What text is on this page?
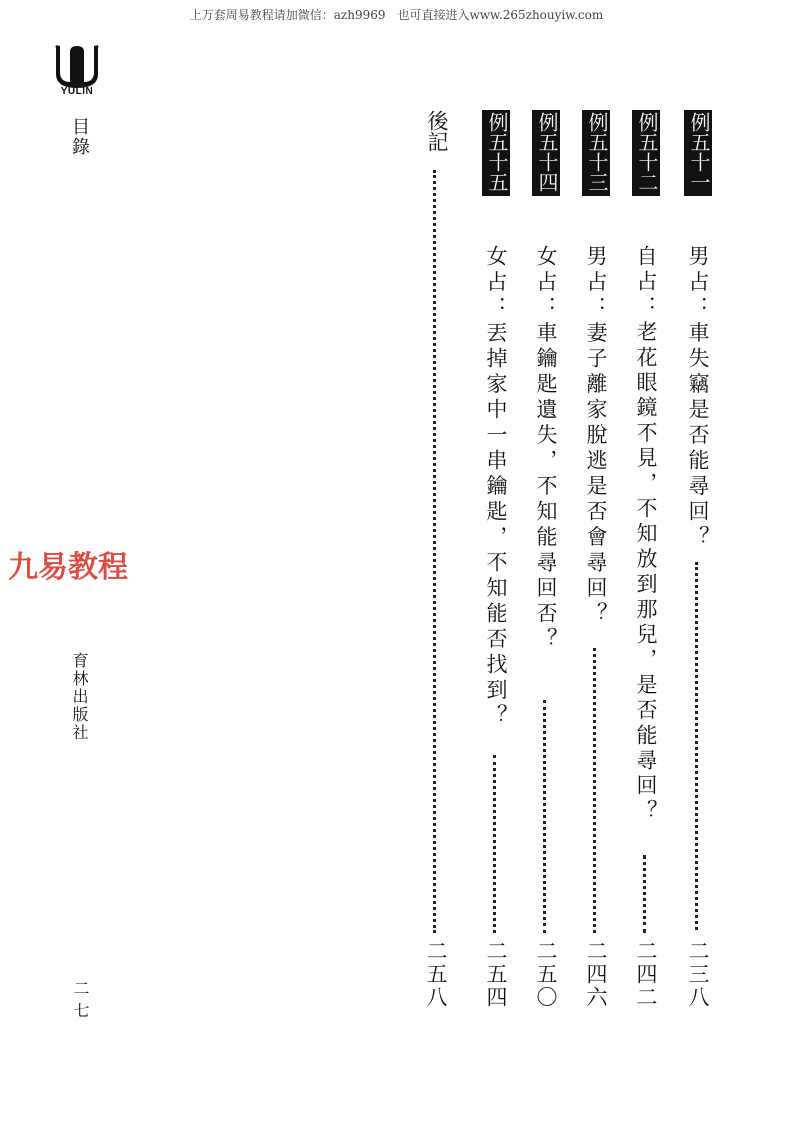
上万套周易教程请加微信：azh9969　也可直接进入www.265zhouyiw.com
YULIN
目錄
九易教程
育林出版社
二七
例五十一
男占：車失竊是否能尋回？
二三八
例五十二
自占：老花眼鏡不見，不知放到那兒，是否能尋回？
二四二
例五十三
男占：妻子離家脫逃是否會尋回？
二四六
例五十四
女占：車鑰匙遺失，不知能尋回否？
二五〇
例五十五
女占：丟掉家中一串鑰匙，不知能否找到？
二五四
後記
二五八
